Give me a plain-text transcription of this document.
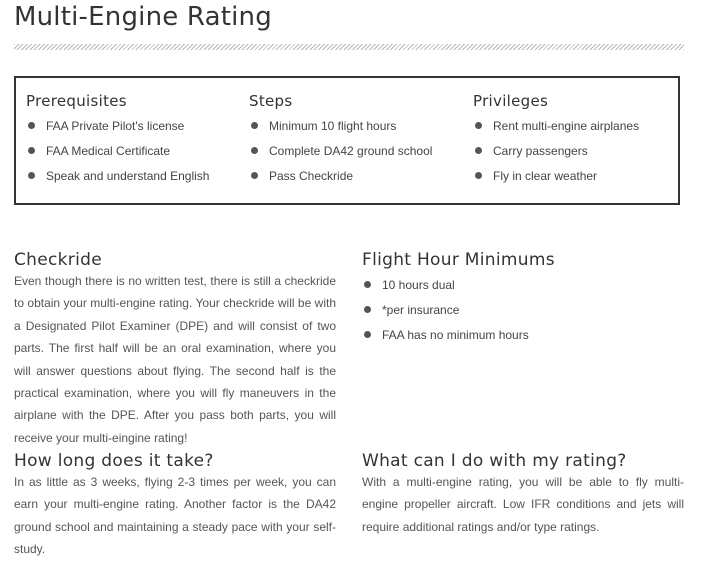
Multi-Engine Rating
Prerequisites
FAA Private Pilot's license
FAA Medical Certificate
Speak and understand English
Steps
Minimum 10 flight hours
Complete DA42 ground school
Pass Checkride
Privileges
Rent multi-engine airplanes
Carry passengers
Fly in clear weather
Checkride

Even though there is no written test, there is still a checkride to obtain your multi-engine rating. Your checkride will be with a Designated Pilot Examiner (DPE) and will consist of two parts. The first half will be an oral examination, where you will answer questions about flying. The second half is the practical examination, where you will fly maneuvers in the airplane with the DPE. After you pass both parts, you will receive your multi-eingine rating!

Flight Hour Minimums
10 hours dual
*per insurance
FAA has no minimum hours
How long does it take?

In as little as 3 weeks, flying 2-3 times per week, you can earn your multi-engine rating. Another factor is the DA42 ground school and maintaining a steady pace with your self-study.

What can I do with my rating?

With a multi-engine rating, you will be able to fly multi-engine propeller aircraft. Low IFR conditions and jets will require additional ratings and/or type ratings.
